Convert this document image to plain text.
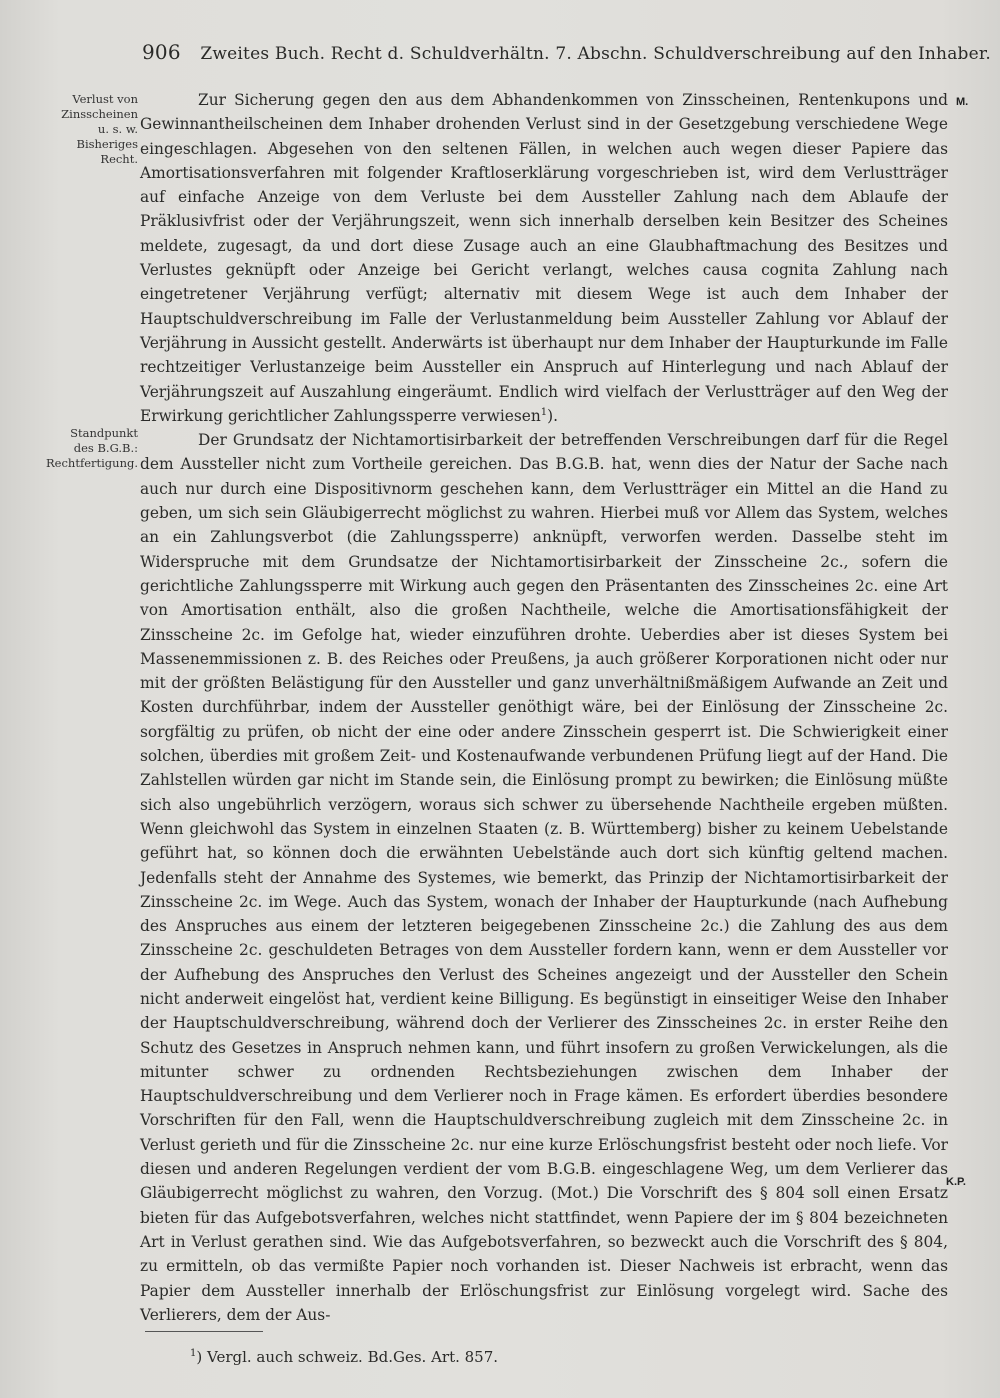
906 Zweites Buch. Recht d. Schuldverhältn. 7. Abschn. Schuldverschreibung auf den Inhaber.
Verlust von
Zinsscheinen
u. s. w.
Bisheriges
Recht.
Standpunkt
des B.G.B.:
Rechtfertigung.
M.
K.P.

Zur Sicherung gegen den aus dem Abhandenkommen von Zinsscheinen, Rentenkupons und Gewinnantheilscheinen dem Inhaber drohenden Verlust sind in der Gesetzgebung verschiedene Wege eingeschlagen. Abgesehen von den seltenen Fällen, in welchen auch wegen dieser Papiere das Amortisationsverfahren mit folgender Kraftloserklärung vorgeschrieben ist, wird dem Verlustträger auf einfache Anzeige von dem Verluste bei dem Aussteller Zahlung nach dem Ablaufe der Präklusivfrist oder der Verjährungszeit, wenn sich innerhalb derselben kein Besitzer des Scheines meldete, zugesagt, da und dort diese Zusage auch an eine Glaubhaftmachung des Besitzes und Verlustes geknüpft oder Anzeige bei Gericht verlangt, welches causa cognita Zahlung nach eingetretener Verjährung verfügt; alternativ mit diesem Wege ist auch dem Inhaber der Hauptschuldverschreibung im Falle der Verlustanmeldung beim Aussteller Zahlung vor Ablauf der Verjährung in Aussicht gestellt. Anderwärts ist überhaupt nur dem Inhaber der Haupturkunde im Falle rechtzeitiger Verlustanzeige beim Aussteller ein Anspruch auf Hinterlegung und nach Ablauf der Verjährungszeit auf Auszahlung eingeräumt. Endlich wird vielfach der Verlustträger auf den Weg der Erwirkung gerichtlicher Zahlungssperre verwiesen$^1$).

Der Grundsatz der Nichtamortisirbarkeit der betreffenden Verschreibungen darf für die Regel dem Aussteller nicht zum Vortheile gereichen. Das B.G.B. hat, wenn dies der Natur der Sache nach auch nur durch eine Dispositivnorm geschehen kann, dem Verlustträger ein Mittel an die Hand zu geben, um sich sein Gläubigerrecht möglichst zu wahren. Hierbei muß vor Allem das System, welches an ein Zahlungsverbot (die Zahlungssperre) anknüpft, verworfen werden. Dasselbe steht im Widerspruche mit dem Grundsatze der Nichtamortisirbarkeit der Zinsscheine 2c., sofern die gerichtliche Zahlungssperre mit Wirkung auch gegen den Präsentanten des Zinsscheines 2c. eine Art von Amortisation enthält, also die großen Nachtheile, welche die Amortisationsfähigkeit der Zinsscheine 2c. im Gefolge hat, wieder einzuführen drohte. Ueberdies aber ist dieses System bei Massenemmissionen z. B. des Reiches oder Preußens, ja auch größerer Korporationen nicht oder nur mit der größten Belästigung für den Aussteller und ganz unverhältnißmäßigem Aufwande an Zeit und Kosten durchführbar, indem der Aussteller genöthigt wäre, bei der Einlösung der Zinsscheine 2c. sorgfältig zu prüfen, ob nicht der eine oder andere Zinsschein gesperrt ist. Die Schwierigkeit einer solchen, überdies mit großem Zeit- und Kostenaufwande verbundenen Prüfung liegt auf der Hand. Die Zahlstellen würden gar nicht im Stande sein, die Einlösung prompt zu bewirken; die Einlösung müßte sich also ungebührlich verzögern, woraus sich schwer zu übersehende Nachtheile ergeben müßten. Wenn gleichwohl das System in einzelnen Staaten (z. B. Württemberg) bisher zu keinem Uebelstande geführt hat, so können doch die erwähnten Uebelstände auch dort sich künftig geltend machen. Jedenfalls steht der Annahme des Systemes, wie bemerkt, das Prinzip der Nichtamortisirbarkeit der Zinsscheine 2c. im Wege. Auch das System, wonach der Inhaber der Haupturkunde (nach Aufhebung des Anspruches aus einem der letzteren beigegebenen Zinsscheine 2c.) die Zahlung des aus dem Zinsscheine 2c. geschuldeten Betrages von dem Aussteller fordern kann, wenn er dem Aussteller vor der Aufhebung des Anspruches den Verlust des Scheines angezeigt und der Aussteller den Schein nicht anderweit eingelöst hat, verdient keine Billigung. Es begünstigt in einseitiger Weise den Inhaber der Hauptschuldverschreibung, während doch der Verlierer des Zinsscheines 2c. in erster Reihe den Schutz des Gesetzes in Anspruch nehmen kann, und führt insofern zu großen Verwickelungen, als die mitunter schwer zu ordnenden Rechtsbeziehungen zwischen dem Inhaber der Hauptschuldverschreibung und dem Verlierer noch in Frage kämen. Es erfordert überdies besondere Vorschriften für den Fall, wenn die Hauptschuldverschreibung zugleich mit dem Zinsscheine 2c. in Verlust gerieth und für die Zinsscheine 2c. nur eine kurze Erlöschungsfrist besteht oder noch liefe. Vor diesen und anderen Regelungen verdient der vom B.G.B. eingeschlagene Weg, um dem Verlierer das Gläubigerrecht möglichst zu wahren, den Vorzug. (Mot.) Die Vorschrift des § 804 soll einen Ersatz bieten für das Aufgebotsverfahren, welches nicht stattfindet, wenn Papiere der im § 804 bezeichneten Art in Verlust gerathen sind. Wie das Aufgebotsverfahren, so bezweckt auch die Vorschrift des § 804, zu ermitteln, ob das vermißte Papier noch vorhanden ist. Dieser Nachweis ist erbracht, wenn das Papier dem Aussteller innerhalb der Erlöschungsfrist zur Einlösung vorgelegt wird. Sache des Verlierers, dem der Aus-

$^1$) Vergl. auch schweiz. Bd.Ges. Art. 857.
